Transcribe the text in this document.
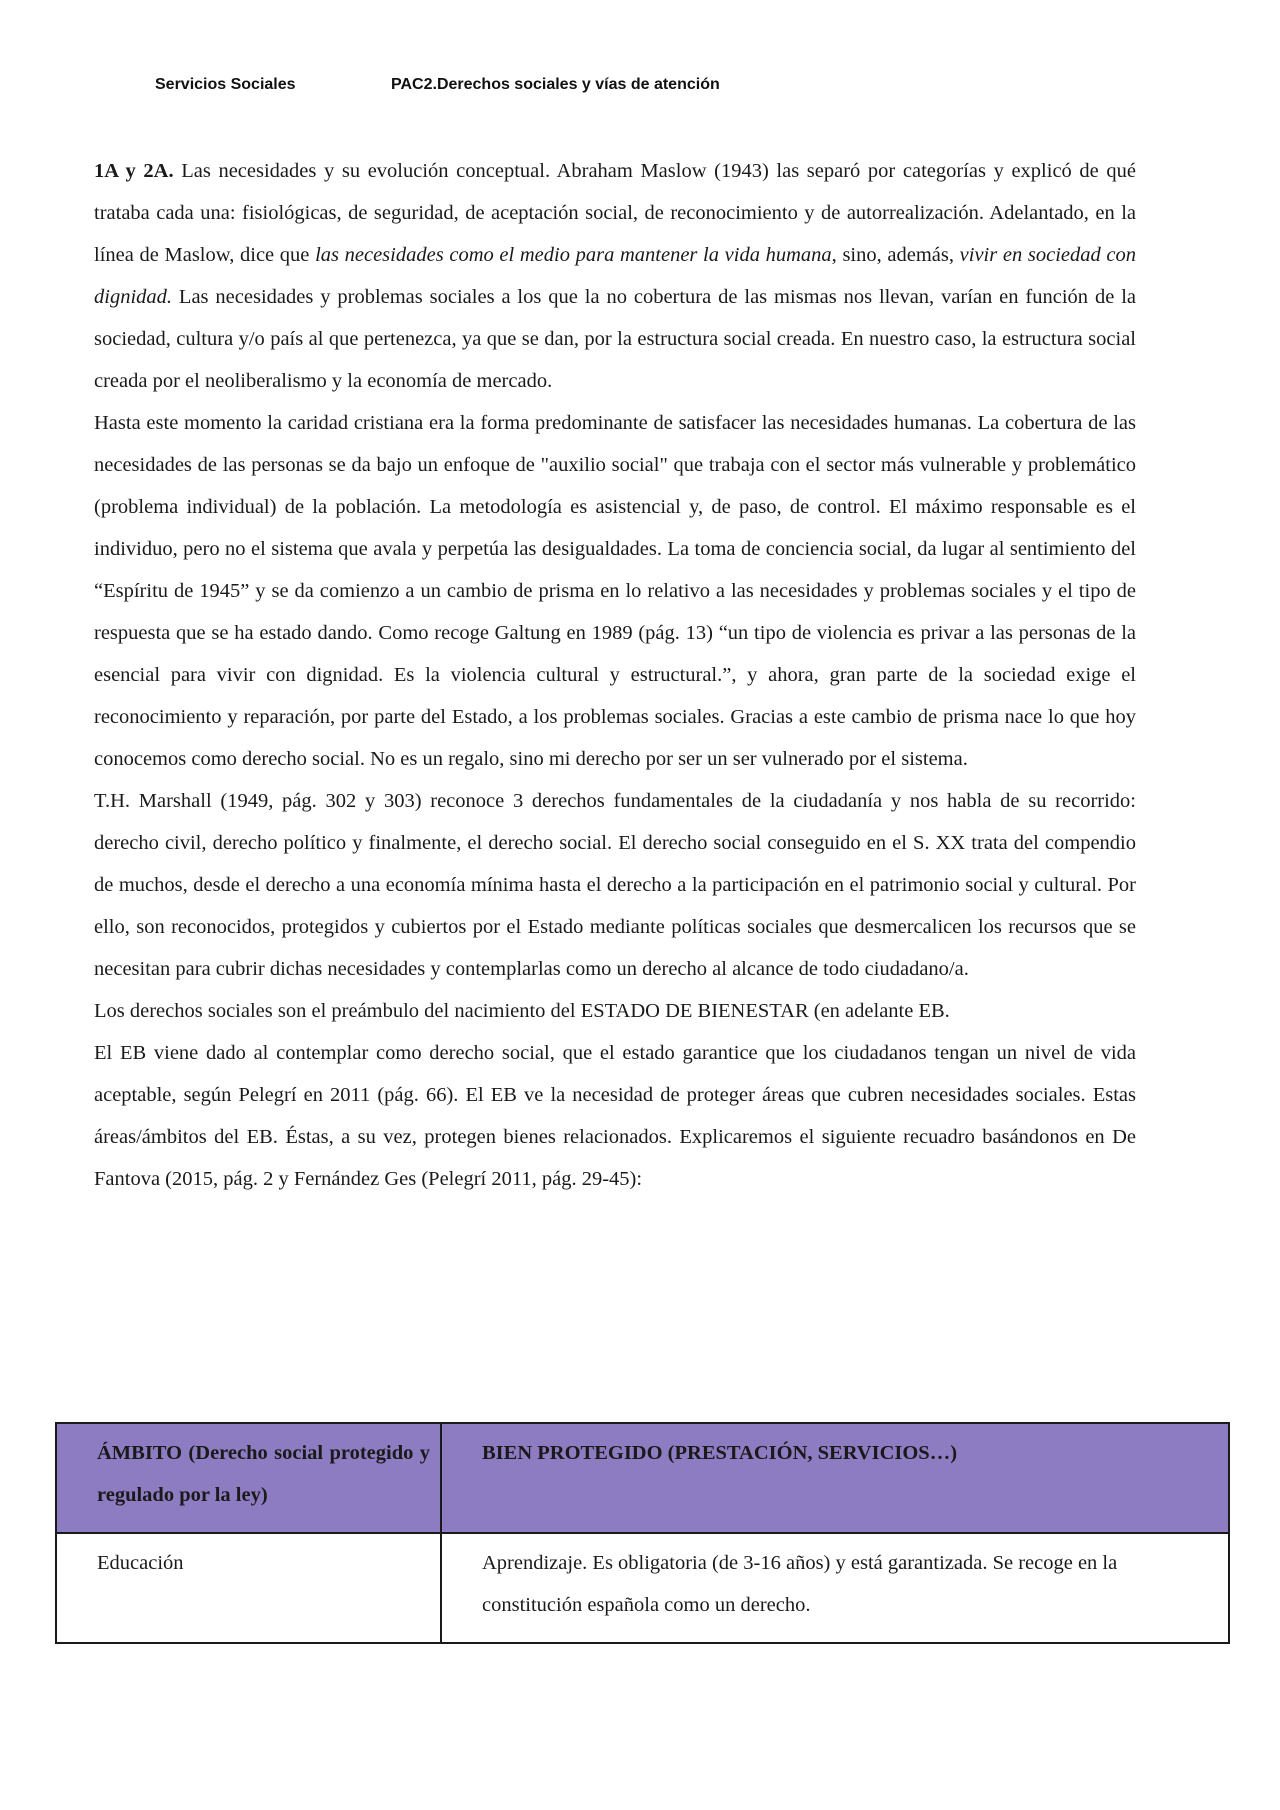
Servicios Sociales	PAC2.Derechos sociales y vías de atención

1A y 2A. Las necesidades y su evolución conceptual. Abraham Maslow (1943) las separó por categorías y explicó de qué trataba cada una: fisiológicas, de seguridad, de aceptación social, de reconocimiento y de autorrealización. Adelantado, en la línea de Maslow, dice que las necesidades como el medio para mantener la vida humana, sino, además, vivir en sociedad con dignidad. Las necesidades y problemas sociales a los que la no cobertura de las mismas nos llevan, varían en función de la sociedad, cultura y/o país al que pertenezca, ya que se dan, por la estructura social creada. En nuestro caso, la estructura social creada por el neoliberalismo y la economía de mercado.

Hasta este momento la caridad cristiana era la forma predominante de satisfacer las necesidades humanas. La cobertura de las necesidades de las personas se da bajo un enfoque de "auxilio social" que trabaja con el sector más vulnerable y problemático (problema individual) de la población. La metodología es asistencial y, de paso, de control. El máximo responsable es el individuo, pero no el sistema que avala y perpetúa las desigualdades. La toma de conciencia social, da lugar al sentimiento del “Espíritu de 1945” y se da comienzo a un cambio de prisma en lo relativo a las necesidades y problemas sociales y el tipo de respuesta que se ha estado dando. Como recoge Galtung en 1989 (pág. 13) “un tipo de violencia es privar a las personas de la esencial para vivir con dignidad. Es la violencia cultural y estructural.”, y ahora, gran parte de la sociedad exige el reconocimiento y reparación, por parte del Estado, a los problemas sociales. Gracias a este cambio de prisma nace lo que hoy conocemos como derecho social. No es un regalo, sino mi derecho por ser un ser vulnerado por el sistema.

T.H. Marshall (1949, pág. 302 y 303) reconoce 3 derechos fundamentales de la ciudadanía y nos habla de su recorrido: derecho civil, derecho político y finalmente, el derecho social. El derecho social conseguido en el S. XX trata del compendio de muchos, desde el derecho a una economía mínima hasta el derecho a la participación en el patrimonio social y cultural. Por ello, son reconocidos, protegidos y cubiertos por el Estado mediante políticas sociales que desmercalicen los recursos que se necesitan para cubrir dichas necesidades y contemplarlas como un derecho al alcance de todo ciudadano/a.

Los derechos sociales son el preámbulo del nacimiento del ESTADO DE BIENESTAR (en adelante EB.

El EB viene dado al contemplar como derecho social, que el estado garantice que los ciudadanos tengan un nivel de vida aceptable, según Pelegrí en 2011 (pág. 66). El EB ve la necesidad de proteger áreas que cubren necesidades sociales. Estas áreas/ámbitos del EB. Éstas, a su vez, protegen bienes relacionados. Explicaremos el siguiente recuadro basándonos en De Fantova (2015, pág. 2 y Fernández Ges (Pelegrí 2011, pág. 29-45):

ÁMBITO (Derecho social protegido y regulado por la ley)	BIEN PROTEGIDO (PRESTACIÓN, SERVICIOS…)
Educación	Aprendizaje. Es obligatoria (de 3-16 años) y está garantizada. Se recoge en la constitución española como un derecho.
